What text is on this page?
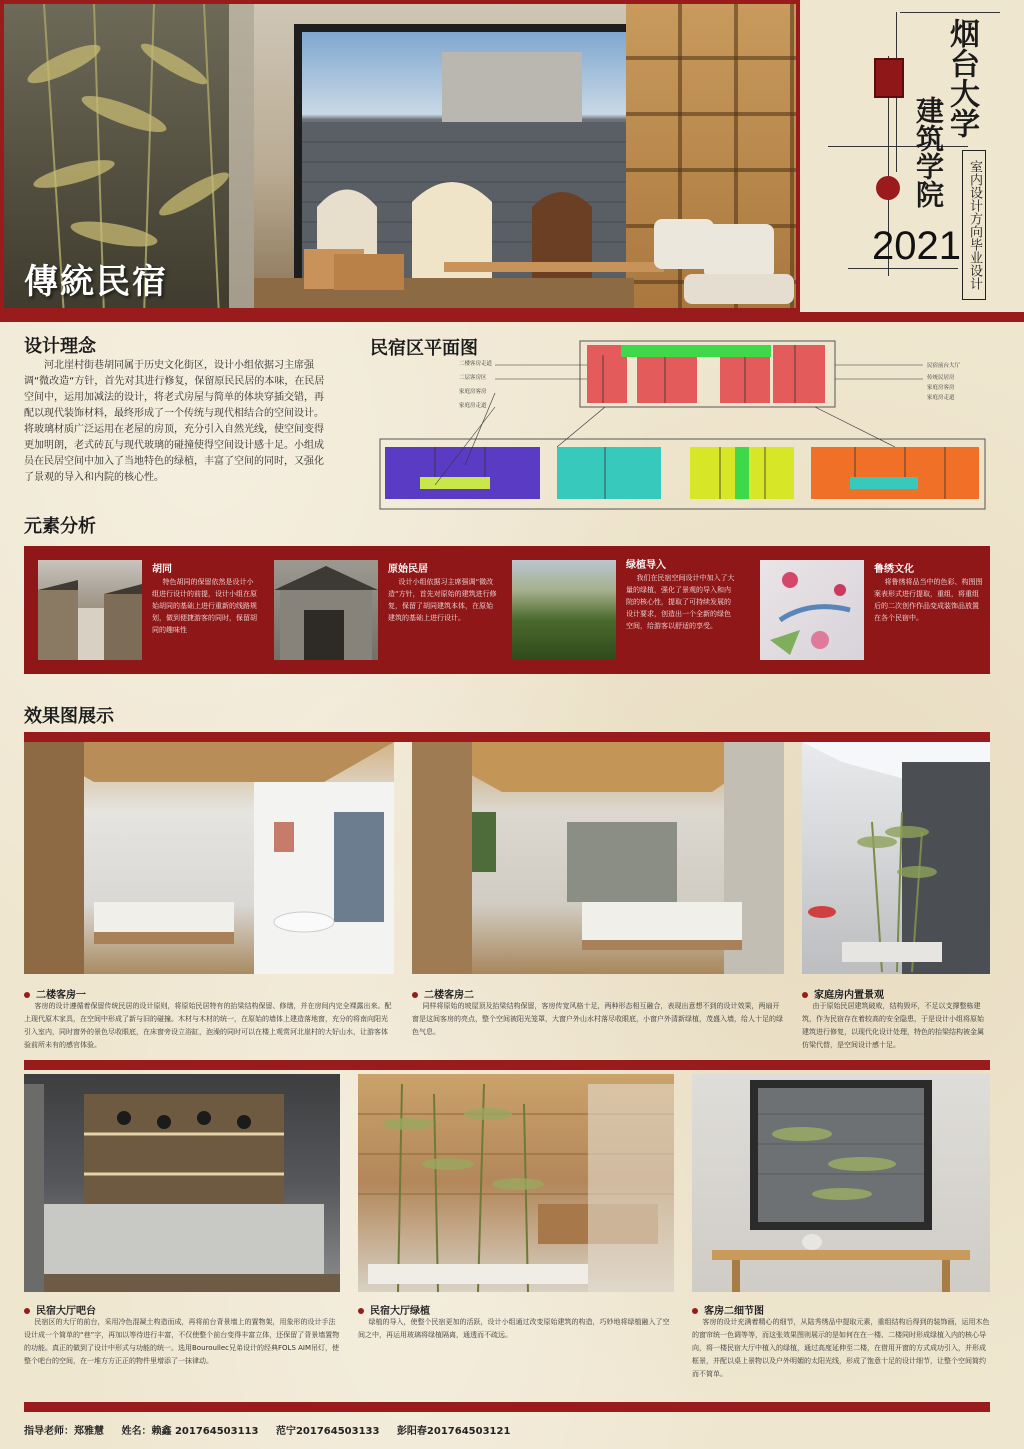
傳統民宿
烟台大学
建筑学院
室内设计方向毕业设计
2021
设计理念
河北崖村街巷胡同属于历史文化街区，设计小组依据习主席强调“微改造“方针，首先对其进行修复，保留原民民居的本味，在民居空间中，运用加减法的设计，将老式房屋与简单的体块穿插交错，再配以现代装饰材料，最终形成了一个传统与现代相结合的空间设计。将玻璃材质广泛运用在老屋的房顶，充分引入自然光线，使空间变得更加明朗，老式砖瓦与现代玻璃的碰撞使得空间设计感十足。小组成员在民居空间中加入了当地特色的绿植，丰富了空间的同时，又强化了景观的导入和内院的核心性。
民宿区平面图
二楼客房走道
二层客房区
家庭房客房
家庭房走道
民宿前台大厅
传统民居房
家庭房客房
家庭房走道
元素分析
胡同
特色胡同的保留依然是设计小组进行设计的前提，设计小组在原始胡同的基础上进行重新的线路规划，做到便捷游客的同时，保留胡同的趣味性
原始民居
设计小组依据习主席强调“微改造“方针，首先对原始的建筑进行修复，保留了胡同建筑本体，在原始建筑的基础上进行设计。
绿植导入
我们在民宿空间设计中加入了大量的绿植，强化了景观的导入和内院的核心性，提取了可持续发展的设计要求，创造出一个全新的绿色空间，给游客以舒适的享受。
鲁绣文化
将鲁绣将品当中的色彩、构图图案表形式进行提取，重组，将重组后的二次创作作品变成装饰品放置在各个民宿中。
效果图展示
二楼客房一
客房的设计遵循着保留传统民居的设计原则，将原始民居特有的抬梁结构保留、修缮，并在房间内完全裸露出来。配上现代原木家具，在空间中形成了新与旧的碰撞。木材与木材的统一，在原始的墙体上建造落地窗，充分的将南向阳光引入室内，同时窗外的景色尽收眼底，在床窗旁设立浴缸，泡澡的同时可以在楼上观赏河北崖村的大好山水，让游客体验前所未有的感官体验。
二楼客房二
同样将原始的坡屋顶及抬梁结构保留，客房传宽风格十足，两种形态相互融合，表现出意想不到的设计效果，两扇开窗是这间客房的亮点，整个空间被阳光笼罩，大窗户外山水村落尽收眼底，小窗户外清新绿植，茂盛入墙，给人十足的绿色气息。
家庭房内置景观
由于原始民居建筑破败，结构毁坏，不足以支撑整栋建筑，作为民宿存在着较高的安全隐患，于是设计小组将原始建筑进行修复，以现代化设计处理，特色的抬梁结构被金属仿梁代替，是空间设计感十足。
民宿大厅吧台
民宿区的大厅的前台，采用冷色混凝土构造而成，再将前台背景墙上的置物架，用象形的设计手法设计成一个简单的“巷”字，再加以等待进行丰富，不仅使整个前台变得丰富立体，还保留了背景墙置物的功能。真正的做到了设计中形式与功能的统一。选用Bouroullec兄弟设计的经典FOLS AIM吊灯，使整个吧台的空间，在一堆方方正正的物件里增添了一抹律动。
民宿大厅绿植
绿植的导入，使整个民宿更加的活跃，设计小组通过改变原始建筑的构造，巧妙地将绿植融入了空间之中，再运用玻璃将绿植隔离，通透而不疏远。
客房二细节图
客房的设计充满着精心的细节，从陆秀绣品中提取元素，重组结构后得到的装饰画，运用木色的窗帘统一色调等等，而这张效果图则展示的是如何在在一楼、二楼同时形成绿植入内的核心导向，将一楼民宿大厅中植入的绿植，通过高度延伸至二楼，在借用开窗的方式成功引入，并形成框景，并配以桌上景物以及户外明媚的太阳光线，形成了饱意十足的设计细节，让整个空间简约而不简单。
指导老师：郑雅慧 姓名：赖鑫 201764503113 范宁201764503133 彭阳春201764503121
